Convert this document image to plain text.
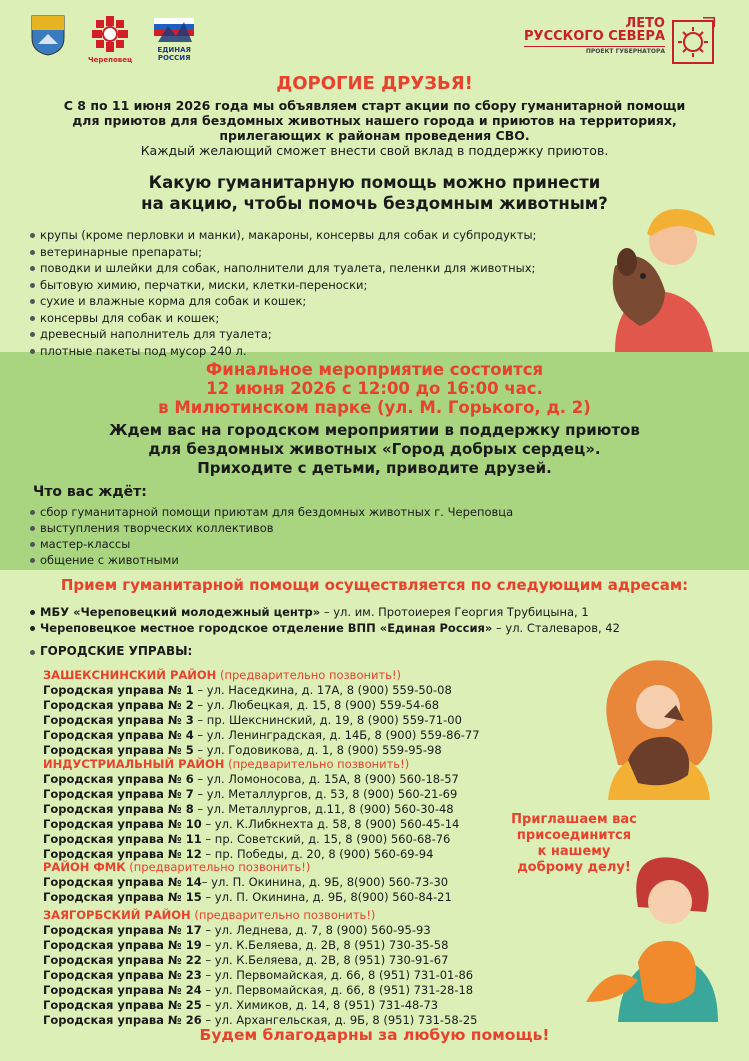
Череповец
ЕДИНАЯ
РОССИЯ
ЛЕТО
РУССКОГО СЕВЕРА
ПРОЕКТ ГУБЕРНАТОРА
ДОРОГИЕ ДРУЗЬЯ!
С 8 по 11 июня 2026 года мы объявляем старт акции по сбору гуманитарной помощи
для приютов для бездомных животных нашего города и приютов на территориях,
прилегающих к районам проведения СВО.
Каждый желающий сможет внести свой вклад в поддержку приютов.
Какую гуманитарную помощь можно принести
на акцию, чтобы помочь бездомным животным?
крупы (кроме перловки и манки), макароны, консервы для собак и субпродукты;
ветеринарные препараты;
поводки и шлейки для собак, наполнители для туалета, пеленки для животных;
бытовую химию, перчатки, миски, клетки-переноски;
сухие и влажные корма для собак и кошек;
консервы для собак и кошек;
древесный наполнитель для туалета;
плотные пакеты под мусор 240 л.
Финальное мероприятие состоится
12 июня 2026 с 12:00 до 16:00 час.
в Милютинском парке (ул. М. Горького, д. 2)
Ждем вас на городском мероприятии в поддержку приютов
для бездомных животных «Город добрых сердец».
Приходите с детьми, приводите друзей.
Что вас ждёт:
сбор гуманитарной помощи приютам для бездомных животных г. Череповца
выступления творческих коллективов
мастер-классы
общение с животными
Прием гуманитарной помощи осуществляется по следующим адресам:
МБУ «Череповецкий молодежный центр» – ул. им. Протоиерея Георгия Трубицына, 1
Череповецкое местное городское отделение ВПП «Единая Россия» – ул. Сталеваров, 42
ГОРОДСКИЕ УПРАВЫ:
ЗАШЕКСНИНСКИЙ РАЙОН (предварительно позвонить!)
Городская управа № 1 – ул. Наседкина, д. 17А, 8 (900) 559-50-08
Городская управа № 2 – ул. Любецкая, д. 15, 8 (900) 559-54-68
Городская управа № 3 – пр. Шекснинский, д. 19, 8 (900) 559-71-00
Городская управа № 4 – ул. Ленинградская, д. 14Б, 8 (900) 559-86-77
Городская управа № 5 – ул. Годовикова, д. 1, 8 (900) 559-95-98
ИНДУСТРИАЛЬНЫЙ РАЙОН (предварительно позвонить!)
Городская управа № 6 – ул. Ломоносова, д. 15А, 8 (900) 560-18-57
Городская управа № 7 – ул. Металлургов, д. 53, 8 (900) 560-21-69
Городская управа № 8 – ул. Металлургов, д.11, 8 (900) 560-30-48
Городская управа № 10 – ул. К.Либкнехта д. 58, 8 (900) 560-45-14
Городская управа № 11 – пр. Советский, д. 15, 8 (900) 560-68-76
Городская управа № 12 – пр. Победы, д. 20, 8 (900) 560-69-94
РАЙОН ФМК (предварительно позвонить!)
Городская управа № 14– ул. П. Окинина, д. 9Б, 8(900) 560-73-30
Городская управа № 15 – ул. П. Окинина, д. 9Б, 8(900) 560-84-21
ЗАЯГОРБСКИЙ РАЙОН (предварительно позвонить!)
Городская управа № 17 – ул. Леднева, д. 7, 8 (900) 560-95-93
Городская управа № 19 – ул. К.Беляева, д. 2В, 8 (951) 730-35-58
Городская управа № 22 – ул. К.Беляева, д. 2В, 8 (951) 730-91-67
Городская управа № 23 – ул. Первомайская, д. 66, 8 (951) 731-01-86
Городская управа № 24 – ул. Первомайская, д. 66, 8 (951) 731-28-18
Городская управа № 25 – ул. Химиков, д. 14, 8 (951) 731-48-73
Городская управа № 26 – ул. Архангельская, д. 9Б, 8 (951) 731-58-25
Приглашаем вас
присоединится
к нашему
доброму делу!
Будем благодарны за любую помощь!
